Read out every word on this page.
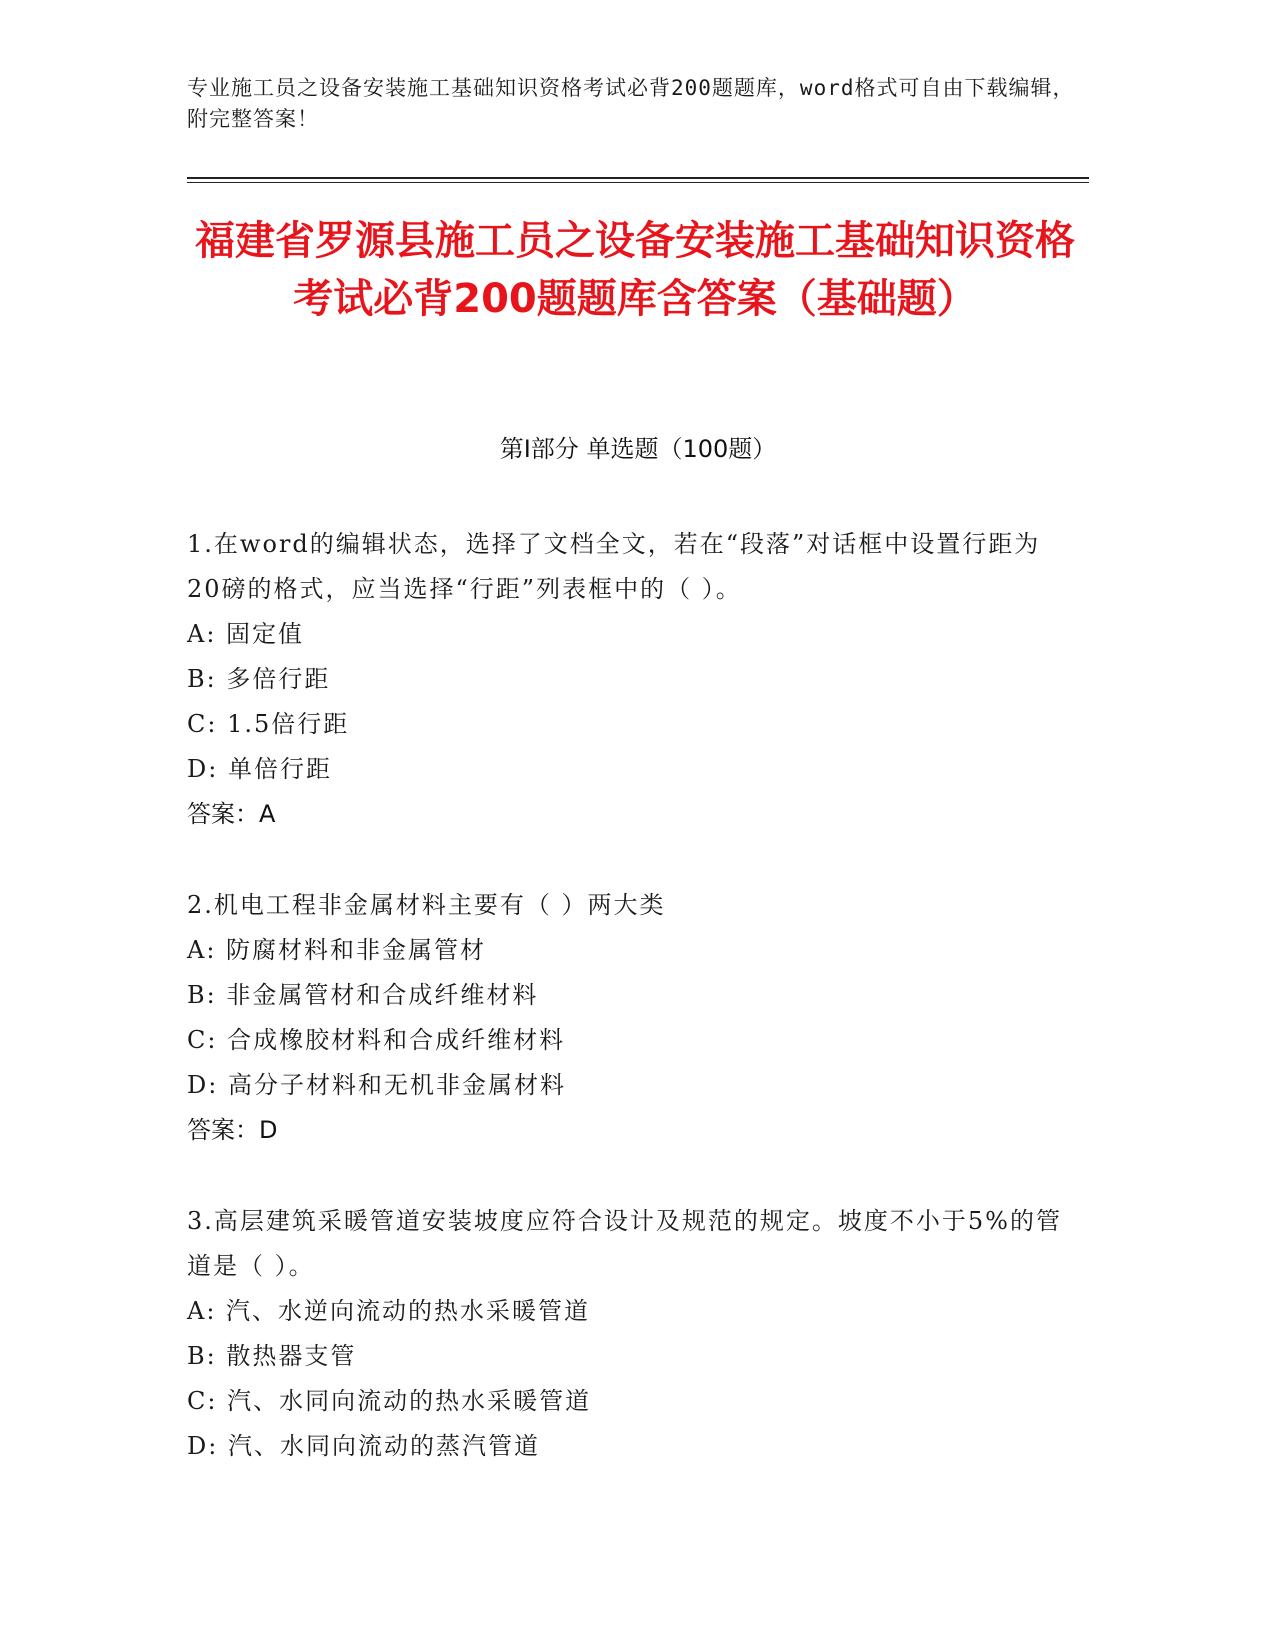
专业施工员之设备安装施工基础知识资格考试必背200题题库，word格式可自由下载编辑，附完整答案！
福建省罗源县施工员之设备安装施工基础知识资格考试必背200题题库含答案（基础题）
第Ⅰ部分 单选题（100题）
1.在word的编辑状态，选择了文档全文，若在“段落”对话框中设置行距为20磅的格式，应当选择“行距”列表框中的（ ）。
A: 固定值
B: 多倍行距
C: 1.5倍行距
D: 单倍行距
答案：A
2.机电工程非金属材料主要有（ ）两大类
A: 防腐材料和非金属管材
B: 非金属管材和合成纤维材料
C: 合成橡胶材料和合成纤维材料
D: 高分子材料和无机非金属材料
答案：D
3.高层建筑采暖管道安装坡度应符合设计及规范的规定。坡度不小于5%的管道是（ ）。
A: 汽、水逆向流动的热水采暖管道
B: 散热器支管
C: 汽、水同向流动的热水采暖管道
D: 汽、水同向流动的蒸汽管道
